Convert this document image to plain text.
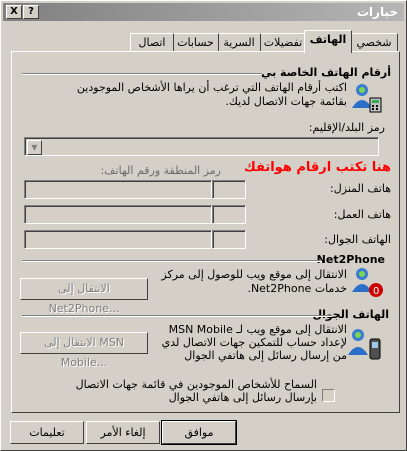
X	?	خيارات
شخصي
الهاتف
تفضيلات
السرية
حسابات
اتصال
أرقام الهاتف الخاصة بي
اكتب أرقام الهاتف التي ترغب أن يراها الأشخاص الموجودين بقائمة جهات الاتصال لديك.
رمز البلد/الإقليم:
▼
هنا تكتب ارقام هواتفك
رمز المنطقة ورقم الهاتف:
هاتف المنزل:
هاتف العمل:
الهاتف الجوال:
Net2Phone
0
الانتقال إلى موقع ويب للوصول إلى مركز خدمات Net2Phone.
الانتقال إلى Net2Phone...	الهاتف الجوال
الانتقال إلى موقع ويب لـ MSN Mobile لإعداد حساب للتمكين جهات الاتصال لدي من إرسال رسائل إلى هاتفي الجوال
الانتقال إلى MSN Mobile...
السماح للأشخاص الموجودين في قائمة جهات الاتصال بإرسال رسائل إلى هاتفي الجوال
تعليمات	إلغاء الأمر	موافق
